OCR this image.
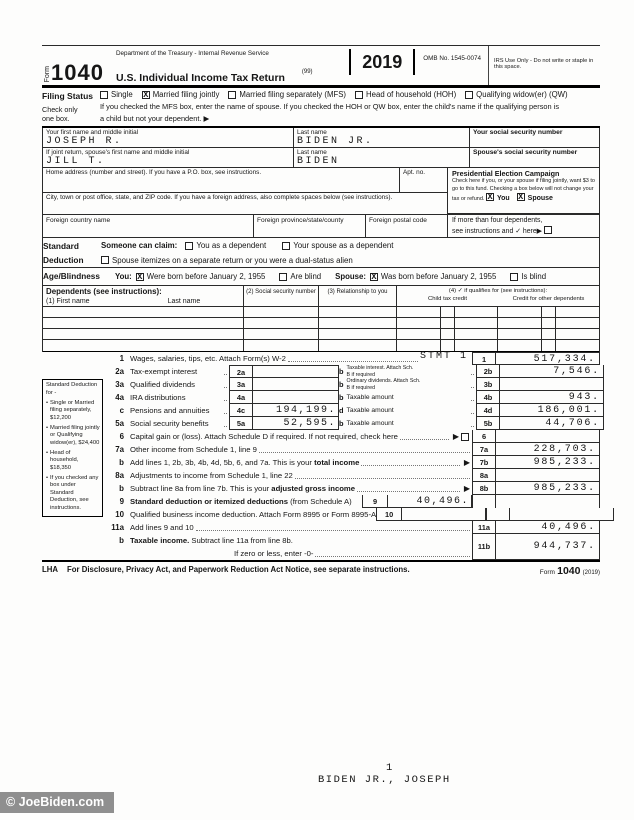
Form 1040
Department of the Treasury - Internal Revenue Service
U.S. Individual Income Tax Return	$^{(99)}$
2019	OMB No. 1545-0074	IRS Use Only - Do not write or staple in this space.
Filing Status
Check only
one box.
Single X	Married filing jointly	Married filing separately (MFS)	Head of household (HOH)	Qualifying widow(er) (QW)
If you checked the MFS box, enter the name of spouse. If you checked the HOH or QW box, enter the child's name if the qualifying person is
a child but not your dependent. ▶
Your first name and middle initial
JOSEPH R.
Last name
BIDEN JR.
Your social security number
If joint return, spouse's first name and middle initial
JILL T.
Last name
BIDEN
Spouse's social security number
Home address (number and street). If you have a P.O. box, see instructions.	Apt. no.
City, town or post office, state, and ZIP code. If you have a foreign address, also complete spaces below (see instructions).
Presidential Election Campaign
Check here if you, or your spouse if filing jointly, want $3 to go to this fund. Checking a box below will not change your tax or refund. X You X	Spouse
Foreign country name	Foreign province/state/county	Foreign postal code	If more than four dependents,
see instructions and ✓ here▶
Standard	Someone can claim: You as a dependent	Your spouse as a dependent
Deduction	Spouse itemizes on a separate return or you were a dual-status alien
Age/Blindness	You: X Were born before January 2, 1955	Are blind Spouse: X Was born before January 2, 1955	Is blind
Dependents (see instructions):
(1) First name	Last name
(2) Social security number	(3) Relationship to you	(4) ✓ if qualifies for (see instructions):
Child tax credit	Credit for other dependents
Standard Deduction for -
• Single or Married filing separately, $12,200
• Married filing jointly or Qualifying widow(er), $24,400
• Head of household, $18,350
• If you checked any box under Standard Deduction, see instructions.
1 Wages, salaries, tips, etc. Attach Form(s) W-2	STMT 1	1	517,334.
2a Tax-exempt interest	2a	b Taxable interest. Attach Sch.
B if required	2b	7,546.
3a Qualified dividends	3a	b Ordinary dividends. Attach Sch.
B if required	3b
4a IRA distributions	4a	b Taxable amount	4b	943.
c Pensions and annuities	4c	194,199. d Taxable amount	4d	186,001.
5a Social security benefits	5a	52,595. b Taxable amount	5b	44,706.
6 Capital gain or (loss). Attach Schedule D if required. If not required, check here	▶	6
7a Other income from Schedule 1, line 9	7a	228,703.
b Add lines 1, 2b, 3b, 4b, 4d, 5b, 6, and 7a. This is your total income	▶	7b	985,233.
8a Adjustments to income from Schedule 1, line 22	8a
b Subtract line 8a from line 7b. This is your adjusted gross income	▶	8b	985,233.
9 Standard deduction or itemized deductions (from Schedule A)	9	40,496.
10 Qualified business income deduction. Attach Form 8995 or Form 8995-A	10
11a Add lines 9 and 10	11a	40,496.
b Taxable income. Subtract line 11a from line 8b.
If zero or less, enter -0-
11b	944,737.
LHA For Disclosure, Privacy Act, and Paperwork Reduction Act Notice, see separate instructions.	Form 1040 (2019)
1
BIDEN JR., JOSEPH
© JoeBiden.com
